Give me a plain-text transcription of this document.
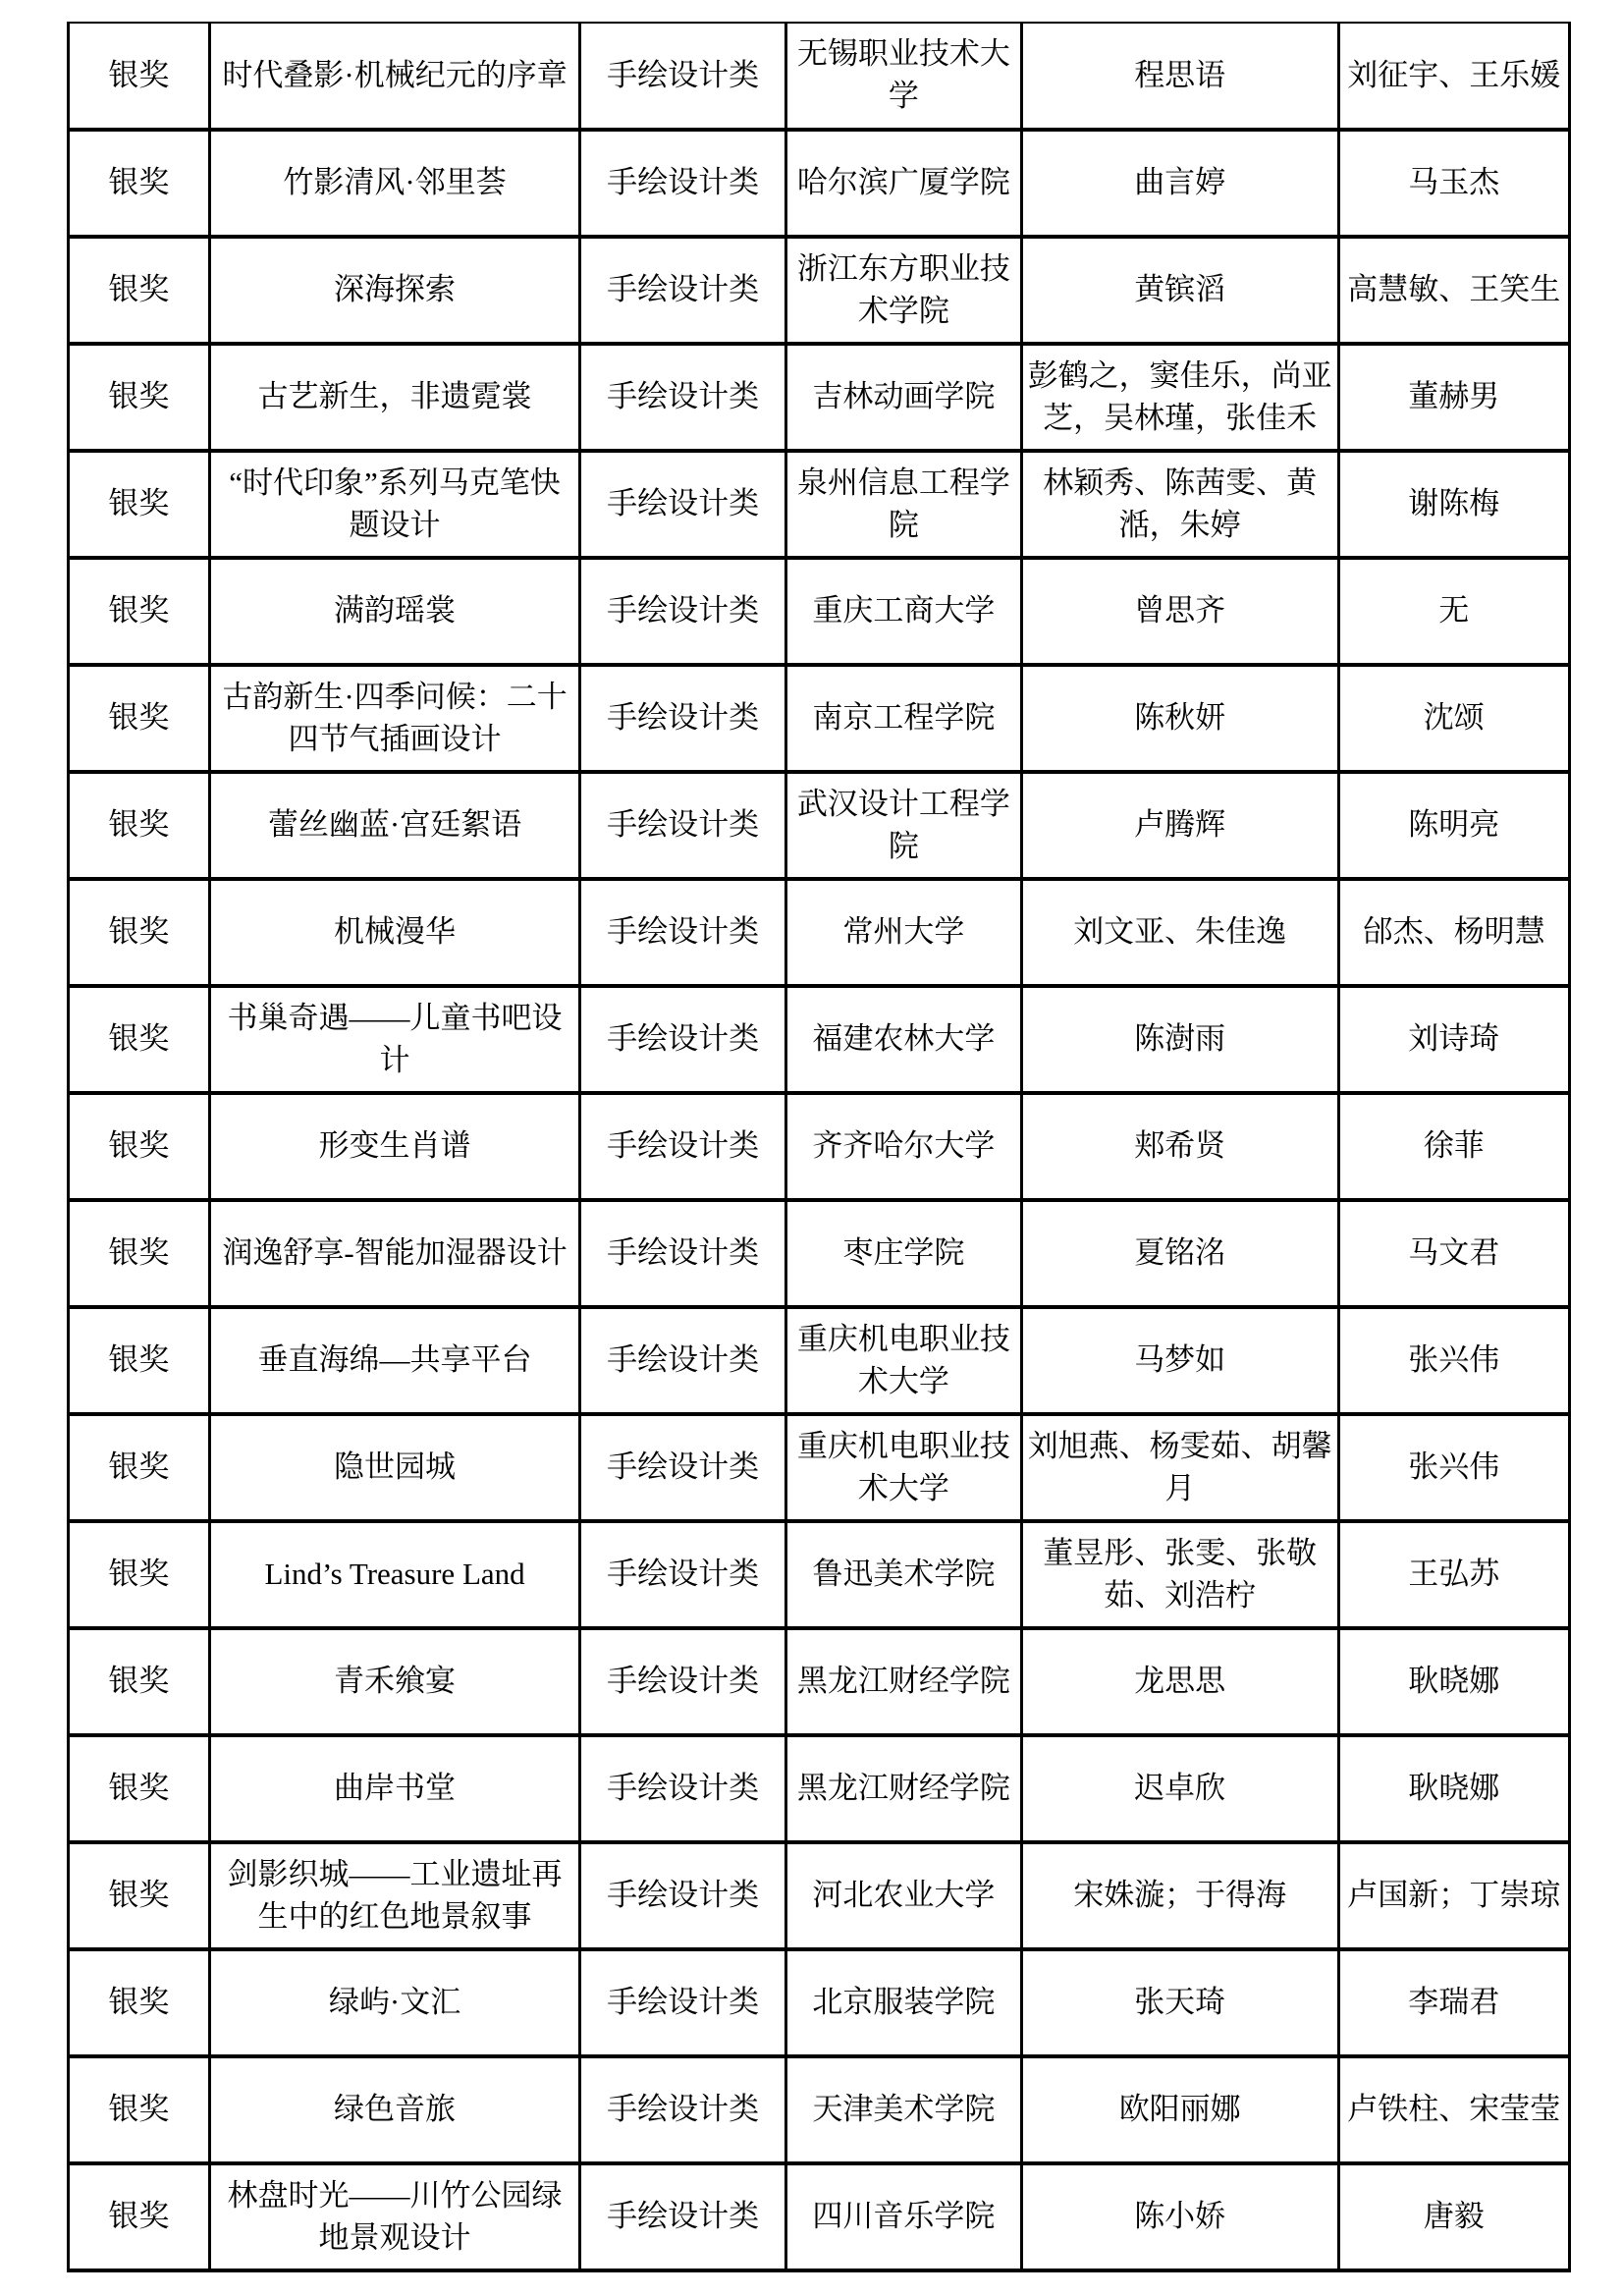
银奖	时代叠影·机械纪元的序章	手绘设计类	无锡职业技术大学	程思语	刘征宇、王乐媛
银奖	竹影清风·邻里荟	手绘设计类	哈尔滨广厦学院	曲言婷	马玉杰
银奖	深海探索	手绘设计类	浙江东方职业技术学院	黄镔滔	高慧敏、王笑生
银奖	古艺新生，非遗霓裳	手绘设计类	吉林动画学院	彭鹤之，窦佳乐，尚亚芝，吴林瑾，张佳禾	董赫男
银奖	“时代印象”系列马克笔快题设计	手绘设计类	泉州信息工程学院	林颖秀、陈茜雯、黄湉，朱婷	谢陈梅
银奖	满韵瑶裳	手绘设计类	重庆工商大学	曾思齐	无
银奖	古韵新生·四季问候：二十四节气插画设计	手绘设计类	南京工程学院	陈秋妍	沈颂
银奖	蕾丝幽蓝·宫廷絮语	手绘设计类	武汉设计工程学院	卢腾辉	陈明亮
银奖	机械漫华	手绘设计类	常州大学	刘文亚、朱佳逸	邰杰、杨明慧
银奖	书巢奇遇——儿童书吧设计	手绘设计类	福建农林大学	陈澍雨	刘诗琦
银奖	形变生肖谱	手绘设计类	齐齐哈尔大学	郏希贤	徐菲
银奖	润逸舒享-智能加湿器设计	手绘设计类	枣庄学院	夏铭洺	马文君
银奖	垂直海绵—共享平台	手绘设计类	重庆机电职业技术大学	马梦如	张兴伟
银奖	隐世园城	手绘设计类	重庆机电职业技术大学	刘旭燕、杨雯茹、胡馨月	张兴伟
银奖	Lind’s Treasure Land	手绘设计类	鲁迅美术学院	董昱彤、张雯、张敬茹、刘浩柠	王弘苏
银奖	青禾飨宴	手绘设计类	黑龙江财经学院	龙思思	耿晓娜
银奖	曲岸书堂	手绘设计类	黑龙江财经学院	迟卓欣	耿晓娜
银奖	剑影织城——工业遗址再生中的红色地景叙事	手绘设计类	河北农业大学	宋姝漩；于得海	卢国新；丁崇琼
银奖	绿屿·文汇	手绘设计类	北京服装学院	张天琦	李瑞君
银奖	绿色音旅	手绘设计类	天津美术学院	欧阳丽娜	卢铁柱、宋莹莹
银奖	林盘时光——川竹公园绿地景观设计	手绘设计类	四川音乐学院	陈小娇	唐毅
